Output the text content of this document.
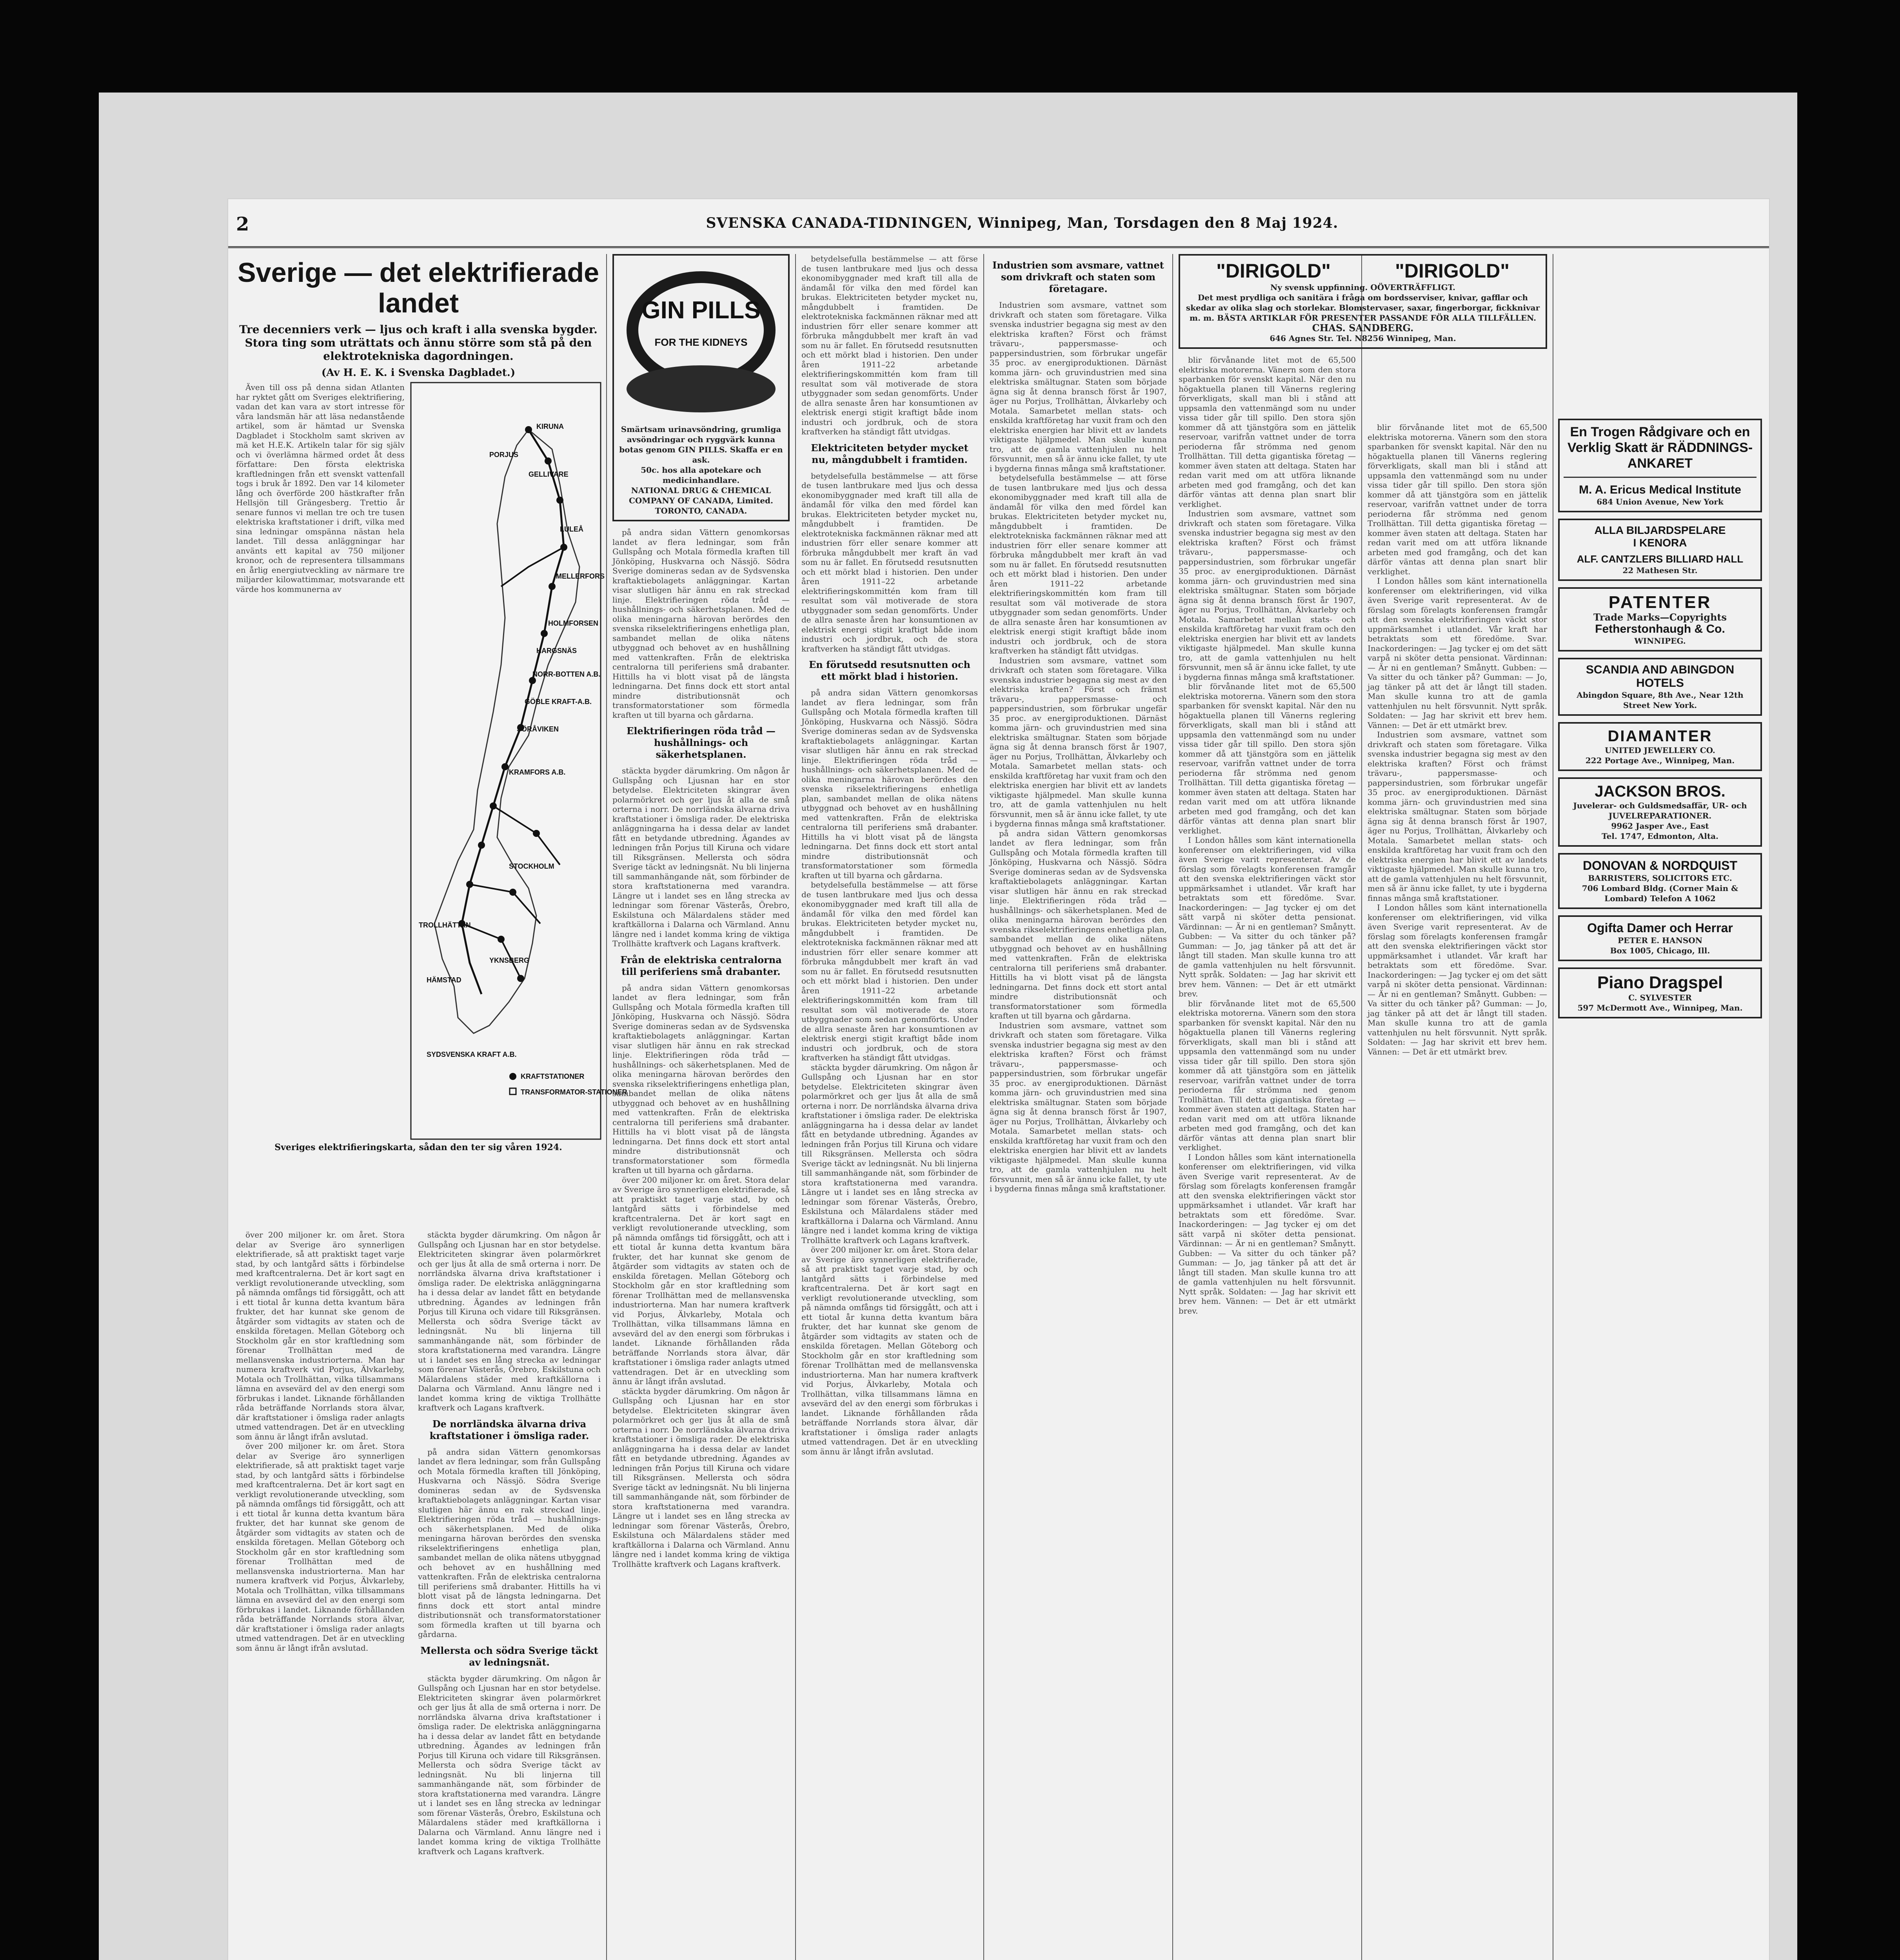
2	SVENSKA CANADA-TIDNINGEN, Winnipeg, Man, Torsdagen den 8 Maj 1924.
Sverige — det elektrifierade landet
Tre decenniers verk — ljus och kraft i alla svenska bygder. Stora ting som uträttats och ännu större som stå på den elektrotekniska dagordningen.
(Av H. E. K. i Svenska Dagbladet.)

Även till oss på denna sidan Atlanten har ryktet gått om Sveriges elektrifiering, vadan det kan vara av stort intresse för våra landsmän här att läsa nedanstående artikel, som är hämtad ur Svenska Dagbladet i Stockholm samt skriven av mä ket H.E.K. Artikeln talar för sig själv och vi överlämna härmed ordet åt dess författare: Den första elektriska kraftledningen från ett svenskt vattenfall togs i bruk år 1892. Den var 14 kilometer lång och överförde 200 hästkrafter från Hellsjön till Grängesberg. Trettio år senare funnos vi mellan tre och tre tusen elektriska kraftstationer i drift, vilka med sina ledningar omspänna nästan hela landet. Till dessa anläggningar har använts ett kapital av 750 miljoner kronor, och de representera tillsammans en årlig energiutveckling av närmare tre miljarder kilowattimmar, motsvarande ett värde hos kommunerna av

KIRUNA
PORJUS
GELLIVARE
LULEÅ
MELLERFORS
HOLMFORSEN
HARGSNÄS
NORR-BOTTEN A.B.
GÖBLE KRAFT-A.B.
SÖRÅVIKEN
KRAMFORS A.B.
STOCKHOLM
TROLLHÄTTAN
HÄMSTAD
YKNSBERG
SYDSVENSKA KRAFT A.B.
KRAFTSTATIONER
TRANSFORMATOR-STATIONER
Sveriges elektrifieringskarta, sådan den ter sig våren 1924.

över 200 miljoner kr. om året. Stora delar av Sverige äro synnerligen elektrifierade, så att praktiskt taget varje stad, by och lantgård sätts i förbindelse med kraftcentralerna. Det är kort sagt en verkligt revolutionerande utveckling, som på nämnda omfångs tid försiggått, och att i ett tiotal år kunna detta kvantum bära frukter, det har kunnat ske genom de åtgärder som vidtagits av staten och de enskilda företagen. Mellan Göteborg och Stockholm går en stor kraftledning som förenar Trollhättan med de mellansvenska industriorterna. Man har numera kraftverk vid Porjus, Älvkarleby, Motala och Trollhättan, vilka tillsammans lämna en avsevärd del av den energi som förbrukas i landet. Liknande förhållanden råda beträffande Norrlands stora älvar, där kraftstationer i ömsliga rader anlagts utmed vattendragen. Det är en utveckling som ännu är långt ifrån avslutad.

över 200 miljoner kr. om året. Stora delar av Sverige äro synnerligen elektrifierade, så att praktiskt taget varje stad, by och lantgård sätts i förbindelse med kraftcentralerna. Det är kort sagt en verkligt revolutionerande utveckling, som på nämnda omfångs tid försiggått, och att i ett tiotal år kunna detta kvantum bära frukter, det har kunnat ske genom de åtgärder som vidtagits av staten och de enskilda företagen. Mellan Göteborg och Stockholm går en stor kraftledning som förenar Trollhättan med de mellansvenska industriorterna. Man har numera kraftverk vid Porjus, Älvkarleby, Motala och Trollhättan, vilka tillsammans lämna en avsevärd del av den energi som förbrukas i landet. Liknande förhållanden råda beträffande Norrlands stora älvar, där kraftstationer i ömsliga rader anlagts utmed vattendragen. Det är en utveckling som ännu är långt ifrån avslutad.

stäckta bygder därumkring. Om någon år Gullspång och Ljusnan har en stor betydelse. Elektriciteten skingrar även polarmörkret och ger ljus åt alla de små orterna i norr. De norrländska älvarna driva kraftstationer i ömsliga rader. De elektriska anläggningarna ha i dessa delar av landet fått en betydande utbredning. Ägandes av ledningen från Porjus till Kiruna och vidare till Riksgränsen. Mellersta och södra Sverige täckt av ledningsnät. Nu bli linjerna till sammanhängande nät, som förbinder de stora kraftstationerna med varandra. Längre ut i landet ses en lång strecka av ledningar som förenar Västerås, Örebro, Eskilstuna och Mälardalens städer med kraftkällorna i Dalarna och Värmland. Annu längre ned i landet komma kring de viktiga Trollhätte kraftverk och Lagans kraftverk.

De norrländska älvarna driva kraftstationer i ömsliga rader.

på andra sidan Vättern genomkorsas landet av flera ledningar, som från Gullspång och Motala förmedla kraften till Jönköping, Huskvarna och Nässjö. Södra Sverige domineras sedan av de Sydsvenska kraftaktiebolagets anläggningar. Kartan visar slutligen här ännu en rak streckad linje. Elektrifieringen röda tråd — hushållnings- och säkerhetsplanen. Med de olika meningarna härovan berördes den svenska rikselektrifieringens enhetliga plan, sambandet mellan de olika nätens utbyggnad och behovet av en hushållning med vattenkraften. Från de elektriska centralorna till periferiens små drabanter. Hittills ha vi blott visat på de längsta ledningarna. Det finns dock ett stort antal mindre distributionsnät och transformatorstationer som förmedla kraften ut till byarna och gårdarna.

Mellersta och södra Sverige täckt av ledningsnät.

stäckta bygder därumkring. Om någon år Gullspång och Ljusnan har en stor betydelse. Elektriciteten skingrar även polarmörkret och ger ljus åt alla de små orterna i norr. De norrländska älvarna driva kraftstationer i ömsliga rader. De elektriska anläggningarna ha i dessa delar av landet fått en betydande utbredning. Ägandes av ledningen från Porjus till Kiruna och vidare till Riksgränsen. Mellersta och södra Sverige täckt av ledningsnät. Nu bli linjerna till sammanhängande nät, som förbinder de stora kraftstationerna med varandra. Längre ut i landet ses en lång strecka av ledningar som förenar Västerås, Örebro, Eskilstuna och Mälardalens städer med kraftkällorna i Dalarna och Värmland. Annu längre ned i landet komma kring de viktiga Trollhätte kraftverk och Lagans kraftverk.

GIN PILLS
FOR THE KIDNEYS
Smärtsam urinavsöndring, grumliga avsöndringar och ryggvärk kunna botas genom GIN PILLS. Skaffa er en ask.
50c. hos alla apotekare och medicinhandlare.
NATIONAL DRUG & CHEMICAL COMPANY OF CANADA, Limited. TORONTO, CANADA.

på andra sidan Vättern genomkorsas landet av flera ledningar, som från Gullspång och Motala förmedla kraften till Jönköping, Huskvarna och Nässjö. Södra Sverige domineras sedan av de Sydsvenska kraftaktiebolagets anläggningar. Kartan visar slutligen här ännu en rak streckad linje. Elektrifieringen röda tråd — hushållnings- och säkerhetsplanen. Med de olika meningarna härovan berördes den svenska rikselektrifieringens enhetliga plan, sambandet mellan de olika nätens utbyggnad och behovet av en hushållning med vattenkraften. Från de elektriska centralorna till periferiens små drabanter. Hittills ha vi blott visat på de längsta ledningarna. Det finns dock ett stort antal mindre distributionsnät och transformatorstationer som förmedla kraften ut till byarna och gårdarna.

Elektrifieringen röda tråd — hushållnings- och säkerhetsplanen.

stäckta bygder därumkring. Om någon år Gullspång och Ljusnan har en stor betydelse. Elektriciteten skingrar även polarmörkret och ger ljus åt alla de små orterna i norr. De norrländska älvarna driva kraftstationer i ömsliga rader. De elektriska anläggningarna ha i dessa delar av landet fått en betydande utbredning. Ägandes av ledningen från Porjus till Kiruna och vidare till Riksgränsen. Mellersta och södra Sverige täckt av ledningsnät. Nu bli linjerna till sammanhängande nät, som förbinder de stora kraftstationerna med varandra. Längre ut i landet ses en lång strecka av ledningar som förenar Västerås, Örebro, Eskilstuna och Mälardalens städer med kraftkällorna i Dalarna och Värmland. Annu längre ned i landet komma kring de viktiga Trollhätte kraftverk och Lagans kraftverk.

Från de elektriska centralorna till periferiens små drabanter.

på andra sidan Vättern genomkorsas landet av flera ledningar, som från Gullspång och Motala förmedla kraften till Jönköping, Huskvarna och Nässjö. Södra Sverige domineras sedan av de Sydsvenska kraftaktiebolagets anläggningar. Kartan visar slutligen här ännu en rak streckad linje. Elektrifieringen röda tråd — hushållnings- och säkerhetsplanen. Med de olika meningarna härovan berördes den svenska rikselektrifieringens enhetliga plan, sambandet mellan de olika nätens utbyggnad och behovet av en hushållning med vattenkraften. Från de elektriska centralorna till periferiens små drabanter. Hittills ha vi blott visat på de längsta ledningarna. Det finns dock ett stort antal mindre distributionsnät och transformatorstationer som förmedla kraften ut till byarna och gårdarna.

över 200 miljoner kr. om året. Stora delar av Sverige äro synnerligen elektrifierade, så att praktiskt taget varje stad, by och lantgård sätts i förbindelse med kraftcentralerna. Det är kort sagt en verkligt revolutionerande utveckling, som på nämnda omfångs tid försiggått, och att i ett tiotal år kunna detta kvantum bära frukter, det har kunnat ske genom de åtgärder som vidtagits av staten och de enskilda företagen. Mellan Göteborg och Stockholm går en stor kraftledning som förenar Trollhättan med de mellansvenska industriorterna. Man har numera kraftverk vid Porjus, Älvkarleby, Motala och Trollhättan, vilka tillsammans lämna en avsevärd del av den energi som förbrukas i landet. Liknande förhållanden råda beträffande Norrlands stora älvar, där kraftstationer i ömsliga rader anlagts utmed vattendragen. Det är en utveckling som ännu är långt ifrån avslutad.

stäckta bygder därumkring. Om någon år Gullspång och Ljusnan har en stor betydelse. Elektriciteten skingrar även polarmörkret och ger ljus åt alla de små orterna i norr. De norrländska älvarna driva kraftstationer i ömsliga rader. De elektriska anläggningarna ha i dessa delar av landet fått en betydande utbredning. Ägandes av ledningen från Porjus till Kiruna och vidare till Riksgränsen. Mellersta och södra Sverige täckt av ledningsnät. Nu bli linjerna till sammanhängande nät, som förbinder de stora kraftstationerna med varandra. Längre ut i landet ses en lång strecka av ledningar som förenar Västerås, Örebro, Eskilstuna och Mälardalens städer med kraftkällorna i Dalarna och Värmland. Annu längre ned i landet komma kring de viktiga Trollhätte kraftverk och Lagans kraftverk.

betydelsefulla bestämmelse — att förse de tusen lantbrukare med ljus och dessa ekonomibyggnader med kraft till alla de ändamål för vilka den med fördel kan brukas. Elektriciteten betyder mycket nu, mångdubbelt i framtiden. De elektrotekniska fackmännen räknar med att industrien förr eller senare kommer att förbruka mångdubbelt mer kraft än vad som nu är fallet. En förutsedd resutsnutten och ett mörkt blad i historien. Den under åren 1911–22 arbetande elektrifieringskommittén kom fram till resultat som väl motiverade de stora utbyggnader som sedan genomförts. Under de allra senaste åren har konsumtionen av elektrisk energi stigit kraftigt både inom industri och jordbruk, och de stora kraftverken ha ständigt fått utvidgas.

Elektriciteten betyder mycket nu, mångdubbelt i framtiden.

betydelsefulla bestämmelse — att förse de tusen lantbrukare med ljus och dessa ekonomibyggnader med kraft till alla de ändamål för vilka den med fördel kan brukas. Elektriciteten betyder mycket nu, mångdubbelt i framtiden. De elektrotekniska fackmännen räknar med att industrien förr eller senare kommer att förbruka mångdubbelt mer kraft än vad som nu är fallet. En förutsedd resutsnutten och ett mörkt blad i historien. Den under åren 1911–22 arbetande elektrifieringskommittén kom fram till resultat som väl motiverade de stora utbyggnader som sedan genomförts. Under de allra senaste åren har konsumtionen av elektrisk energi stigit kraftigt både inom industri och jordbruk, och de stora kraftverken ha ständigt fått utvidgas.

En förutsedd resutsnutten och ett mörkt blad i historien.

på andra sidan Vättern genomkorsas landet av flera ledningar, som från Gullspång och Motala förmedla kraften till Jönköping, Huskvarna och Nässjö. Södra Sverige domineras sedan av de Sydsvenska kraftaktiebolagets anläggningar. Kartan visar slutligen här ännu en rak streckad linje. Elektrifieringen röda tråd — hushållnings- och säkerhetsplanen. Med de olika meningarna härovan berördes den svenska rikselektrifieringens enhetliga plan, sambandet mellan de olika nätens utbyggnad och behovet av en hushållning med vattenkraften. Från de elektriska centralorna till periferiens små drabanter. Hittills ha vi blott visat på de längsta ledningarna. Det finns dock ett stort antal mindre distributionsnät och transformatorstationer som förmedla kraften ut till byarna och gårdarna.

betydelsefulla bestämmelse — att förse de tusen lantbrukare med ljus och dessa ekonomibyggnader med kraft till alla de ändamål för vilka den med fördel kan brukas. Elektriciteten betyder mycket nu, mångdubbelt i framtiden. De elektrotekniska fackmännen räknar med att industrien förr eller senare kommer att förbruka mångdubbelt mer kraft än vad som nu är fallet. En förutsedd resutsnutten och ett mörkt blad i historien. Den under åren 1911–22 arbetande elektrifieringskommittén kom fram till resultat som väl motiverade de stora utbyggnader som sedan genomförts. Under de allra senaste åren har konsumtionen av elektrisk energi stigit kraftigt både inom industri och jordbruk, och de stora kraftverken ha ständigt fått utvidgas.

stäckta bygder därumkring. Om någon år Gullspång och Ljusnan har en stor betydelse. Elektriciteten skingrar även polarmörkret och ger ljus åt alla de små orterna i norr. De norrländska älvarna driva kraftstationer i ömsliga rader. De elektriska anläggningarna ha i dessa delar av landet fått en betydande utbredning. Ägandes av ledningen från Porjus till Kiruna och vidare till Riksgränsen. Mellersta och södra Sverige täckt av ledningsnät. Nu bli linjerna till sammanhängande nät, som förbinder de stora kraftstationerna med varandra. Längre ut i landet ses en lång strecka av ledningar som förenar Västerås, Örebro, Eskilstuna och Mälardalens städer med kraftkällorna i Dalarna och Värmland. Annu längre ned i landet komma kring de viktiga Trollhätte kraftverk och Lagans kraftverk.

över 200 miljoner kr. om året. Stora delar av Sverige äro synnerligen elektrifierade, så att praktiskt taget varje stad, by och lantgård sätts i förbindelse med kraftcentralerna. Det är kort sagt en verkligt revolutionerande utveckling, som på nämnda omfångs tid försiggått, och att i ett tiotal år kunna detta kvantum bära frukter, det har kunnat ske genom de åtgärder som vidtagits av staten och de enskilda företagen. Mellan Göteborg och Stockholm går en stor kraftledning som förenar Trollhättan med de mellansvenska industriorterna. Man har numera kraftverk vid Porjus, Älvkarleby, Motala och Trollhättan, vilka tillsammans lämna en avsevärd del av den energi som förbrukas i landet. Liknande förhållanden råda beträffande Norrlands stora älvar, där kraftstationer i ömsliga rader anlagts utmed vattendragen. Det är en utveckling som ännu är långt ifrån avslutad.

Industrien som avsmare, vattnet som drivkraft och staten som företagare.

Industrien som avsmare, vattnet som drivkraft och staten som företagare. Vilka svenska industrier begagna sig mest av den elektriska kraften? Först och främst trävaru-, pappersmasse- och pappersindustrien, som förbrukar ungefär 35 proc. av energiproduktionen. Därnäst komma järn- och gruvindustrien med sina elektriska smältugnar. Staten som började ägna sig åt denna bransch först år 1907, äger nu Porjus, Trollhättan, Älvkarleby och Motala. Samarbetet mellan stats- och enskilda kraftföretag har vuxit fram och den elektriska energien har blivit ett av landets viktigaste hjälpmedel. Man skulle kunna tro, att de gamla vattenhjulen nu helt försvunnit, men så är ännu icke fallet, ty ute i bygderna finnas många små kraftstationer.

betydelsefulla bestämmelse — att förse de tusen lantbrukare med ljus och dessa ekonomibyggnader med kraft till alla de ändamål för vilka den med fördel kan brukas. Elektriciteten betyder mycket nu, mångdubbelt i framtiden. De elektrotekniska fackmännen räknar med att industrien förr eller senare kommer att förbruka mångdubbelt mer kraft än vad som nu är fallet. En förutsedd resutsnutten och ett mörkt blad i historien. Den under åren 1911–22 arbetande elektrifieringskommittén kom fram till resultat som väl motiverade de stora utbyggnader som sedan genomförts. Under de allra senaste åren har konsumtionen av elektrisk energi stigit kraftigt både inom industri och jordbruk, och de stora kraftverken ha ständigt fått utvidgas.

Industrien som avsmare, vattnet som drivkraft och staten som företagare. Vilka svenska industrier begagna sig mest av den elektriska kraften? Först och främst trävaru-, pappersmasse- och pappersindustrien, som förbrukar ungefär 35 proc. av energiproduktionen. Därnäst komma järn- och gruvindustrien med sina elektriska smältugnar. Staten som började ägna sig åt denna bransch först år 1907, äger nu Porjus, Trollhättan, Älvkarleby och Motala. Samarbetet mellan stats- och enskilda kraftföretag har vuxit fram och den elektriska energien har blivit ett av landets viktigaste hjälpmedel. Man skulle kunna tro, att de gamla vattenhjulen nu helt försvunnit, men så är ännu icke fallet, ty ute i bygderna finnas många små kraftstationer.

på andra sidan Vättern genomkorsas landet av flera ledningar, som från Gullspång och Motala förmedla kraften till Jönköping, Huskvarna och Nässjö. Södra Sverige domineras sedan av de Sydsvenska kraftaktiebolagets anläggningar. Kartan visar slutligen här ännu en rak streckad linje. Elektrifieringen röda tråd — hushållnings- och säkerhetsplanen. Med de olika meningarna härovan berördes den svenska rikselektrifieringens enhetliga plan, sambandet mellan de olika nätens utbyggnad och behovet av en hushållning med vattenkraften. Från de elektriska centralorna till periferiens små drabanter. Hittills ha vi blott visat på de längsta ledningarna. Det finns dock ett stort antal mindre distributionsnät och transformatorstationer som förmedla kraften ut till byarna och gårdarna.

Industrien som avsmare, vattnet som drivkraft och staten som företagare. Vilka svenska industrier begagna sig mest av den elektriska kraften? Först och främst trävaru-, pappersmasse- och pappersindustrien, som förbrukar ungefär 35 proc. av energiproduktionen. Därnäst komma järn- och gruvindustrien med sina elektriska smältugnar. Staten som började ägna sig åt denna bransch först år 1907, äger nu Porjus, Trollhättan, Älvkarleby och Motala. Samarbetet mellan stats- och enskilda kraftföretag har vuxit fram och den elektriska energien har blivit ett av landets viktigaste hjälpmedel. Man skulle kunna tro, att de gamla vattenhjulen nu helt försvunnit, men så är ännu icke fallet, ty ute i bygderna finnas många små kraftstationer.

"DIRIGOLD"	"DIRIGOLD"
Ny svensk uppfinning. OÖVERTRÄFFLIGT.
Det mest prydliga och sanitära i fråga om bordsserviser, knivar, gafflar och skedar av olika slag och storlekar. Blomstervaser, saxar, fingerborgar, fickknivar m. m. BÄSTA ARTIKLAR FÖR PRESENTER PASSANDE FÖR ALLA TILLFÄLLEN.
CHAS. SANDBERG.
646 Agnes Str. Tel. N8256 Winnipeg, Man.

blir förvånande litet mot de 65,500 elektriska motorerna. Vänern som den stora sparbanken för svenskt kapital. När den nu högaktuella planen till Vänerns reglering förverkligats, skall man bli i stånd att uppsamla den vattenmängd som nu under vissa tider går till spillo. Den stora sjön kommer då att tjänstgöra som en jättelik reservoar, varifrån vattnet under de torra perioderna får strömma ned genom Trollhättan. Till detta gigantiska företag — kommer även staten att deltaga. Staten har redan varit med om att utföra liknande arbeten med god framgång, och det kan därför väntas att denna plan snart blir verklighet.

Industrien som avsmare, vattnet som drivkraft och staten som företagare. Vilka svenska industrier begagna sig mest av den elektriska kraften? Först och främst trävaru-, pappersmasse- och pappersindustrien, som förbrukar ungefär 35 proc. av energiproduktionen. Därnäst komma järn- och gruvindustrien med sina elektriska smältugnar. Staten som började ägna sig åt denna bransch först år 1907, äger nu Porjus, Trollhättan, Älvkarleby och Motala. Samarbetet mellan stats- och enskilda kraftföretag har vuxit fram och den elektriska energien har blivit ett av landets viktigaste hjälpmedel. Man skulle kunna tro, att de gamla vattenhjulen nu helt försvunnit, men så är ännu icke fallet, ty ute i bygderna finnas många små kraftstationer.

blir förvånande litet mot de 65,500 elektriska motorerna. Vänern som den stora sparbanken för svenskt kapital. När den nu högaktuella planen till Vänerns reglering förverkligats, skall man bli i stånd att uppsamla den vattenmängd som nu under vissa tider går till spillo. Den stora sjön kommer då att tjänstgöra som en jättelik reservoar, varifrån vattnet under de torra perioderna får strömma ned genom Trollhättan. Till detta gigantiska företag — kommer även staten att deltaga. Staten har redan varit med om att utföra liknande arbeten med god framgång, och det kan därför väntas att denna plan snart blir verklighet.

I London hålles som känt internationella konferenser om elektrifieringen, vid vilka även Sverige varit representerat. Av de förslag som förelagts konferensen framgår att den svenska elektrifieringen väckt stor uppmärksamhet i utlandet. Vår kraft har betraktats som ett föredöme. Svar. Inackorderingen: — Jag tycker ej om det sätt varpå ni sköter detta pensionat. Värdinnan: — Är ni en gentleman? Smånytt. Gubben: — Va sitter du och tänker på? Gumman: — Jo, jag tänker på att det är långt till staden. Man skulle kunna tro att de gamla vattenhjulen nu helt försvunnit. Nytt språk. Soldaten: — Jag har skrivit ett brev hem. Vännen: — Det är ett utmärkt brev.

blir förvånande litet mot de 65,500 elektriska motorerna. Vänern som den stora sparbanken för svenskt kapital. När den nu högaktuella planen till Vänerns reglering förverkligats, skall man bli i stånd att uppsamla den vattenmängd som nu under vissa tider går till spillo. Den stora sjön kommer då att tjänstgöra som en jättelik reservoar, varifrån vattnet under de torra perioderna får strömma ned genom Trollhättan. Till detta gigantiska företag — kommer även staten att deltaga. Staten har redan varit med om att utföra liknande arbeten med god framgång, och det kan därför väntas att denna plan snart blir verklighet.

I London hålles som känt internationella konferenser om elektrifieringen, vid vilka även Sverige varit representerat. Av de förslag som förelagts konferensen framgår att den svenska elektrifieringen väckt stor uppmärksamhet i utlandet. Vår kraft har betraktats som ett föredöme. Svar. Inackorderingen: — Jag tycker ej om det sätt varpå ni sköter detta pensionat. Värdinnan: — Är ni en gentleman? Smånytt. Gubben: — Va sitter du och tänker på? Gumman: — Jo, jag tänker på att det är långt till staden. Man skulle kunna tro att de gamla vattenhjulen nu helt försvunnit. Nytt språk. Soldaten: — Jag har skrivit ett brev hem. Vännen: — Det är ett utmärkt brev.

blir förvånande litet mot de 65,500 elektriska motorerna. Vänern som den stora sparbanken för svenskt kapital. När den nu högaktuella planen till Vänerns reglering förverkligats, skall man bli i stånd att uppsamla den vattenmängd som nu under vissa tider går till spillo. Den stora sjön kommer då att tjänstgöra som en jättelik reservoar, varifrån vattnet under de torra perioderna får strömma ned genom Trollhättan. Till detta gigantiska företag — kommer även staten att deltaga. Staten har redan varit med om att utföra liknande arbeten med god framgång, och det kan därför väntas att denna plan snart blir verklighet.

I London hålles som känt internationella konferenser om elektrifieringen, vid vilka även Sverige varit representerat. Av de förslag som förelagts konferensen framgår att den svenska elektrifieringen väckt stor uppmärksamhet i utlandet. Vår kraft har betraktats som ett föredöme. Svar. Inackorderingen: — Jag tycker ej om det sätt varpå ni sköter detta pensionat. Värdinnan: — Är ni en gentleman? Smånytt. Gubben: — Va sitter du och tänker på? Gumman: — Jo, jag tänker på att det är långt till staden. Man skulle kunna tro att de gamla vattenhjulen nu helt försvunnit. Nytt språk. Soldaten: — Jag har skrivit ett brev hem. Vännen: — Det är ett utmärkt brev.

Industrien som avsmare, vattnet som drivkraft och staten som företagare. Vilka svenska industrier begagna sig mest av den elektriska kraften? Först och främst trävaru-, pappersmasse- och pappersindustrien, som förbrukar ungefär 35 proc. av energiproduktionen. Därnäst komma järn- och gruvindustrien med sina elektriska smältugnar. Staten som började ägna sig åt denna bransch först år 1907, äger nu Porjus, Trollhättan, Älvkarleby och Motala. Samarbetet mellan stats- och enskilda kraftföretag har vuxit fram och den elektriska energien har blivit ett av landets viktigaste hjälpmedel. Man skulle kunna tro, att de gamla vattenhjulen nu helt försvunnit, men så är ännu icke fallet, ty ute i bygderna finnas många små kraftstationer.

I London hålles som känt internationella konferenser om elektrifieringen, vid vilka även Sverige varit representerat. Av de förslag som förelagts konferensen framgår att den svenska elektrifieringen väckt stor uppmärksamhet i utlandet. Vår kraft har betraktats som ett föredöme. Svar. Inackorderingen: — Jag tycker ej om det sätt varpå ni sköter detta pensionat. Värdinnan: — Är ni en gentleman? Smånytt. Gubben: — Va sitter du och tänker på? Gumman: — Jo, jag tänker på att det är långt till staden. Man skulle kunna tro att de gamla vattenhjulen nu helt försvunnit. Nytt språk. Soldaten: — Jag har skrivit ett brev hem. Vännen: — Det är ett utmärkt brev.

En Trogen Rådgivare och en Verklig Skatt är RÄDDNINGS-ANKARET
M. A. Ericus Medical Institute
684 Union Avenue, New York
ALLA BILJARDSPELARE
I KENORA
ALF. CANTZLERS BILLIARD HALL
22 Mathesen Str.
PATENTER
Trade Marks—Copyrights
Fetherstonhaugh & Co.
WINNIPEG.
SCANDIA AND ABINGDON HOTELS
Abingdon Square, 8th Ave., Near 12th Street New York.
DIAMANTER
UNITED JEWELLERY CO.
222 Portage Ave., Winnipeg, Man.
JACKSON BROS.
Juvelerar- och Guldsmedsaffär, UR- och JUVELREPARATIONER.
9962 Jasper Ave., East
Tel. 1747, Edmonton, Alta.
DONOVAN & NORDQUIST
BARRISTERS, SOLICITORS ETC.
706 Lombard Bldg. (Corner Main & Lombard) Telefon A 1062
Ogifta Damer och Herrar
PETER E. HANSON
Box 1005, Chicago, Ill.
Piano Dragspel
C. SYLVESTER
597 McDermott Ave., Winnipeg, Man.
